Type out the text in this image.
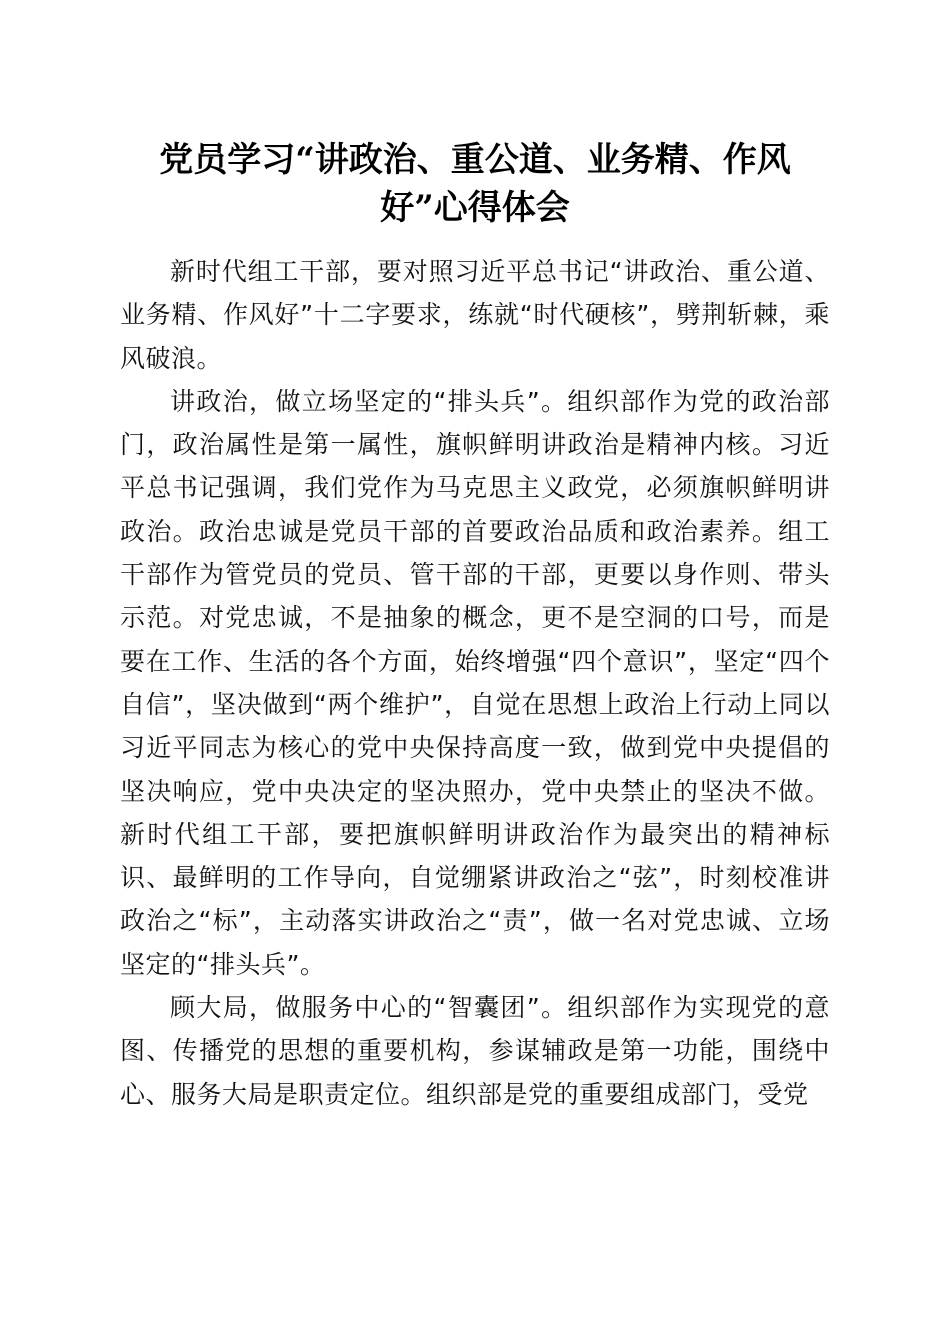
党员学习“讲政治、重公道、业务精、作风
好”心得体会

新时代组工干部，要对照习近平总书记“讲政治、重公道、业务精、作风好”十二字要求，练就“时代硬核”，劈荆斩棘，乘风破浪。

讲政治，做立场坚定的“排头兵”。组织部作为党的政治部门，政治属性是第一属性，旗帜鲜明讲政治是精神内核。习近平总书记强调，我们党作为马克思主义政党，必须旗帜鲜明讲政治。政治忠诚是党员干部的首要政治品质和政治素养。组工干部作为管党员的党员、管干部的干部，更要以身作则、带头示范。对党忠诚，不是抽象的概念，更不是空洞的口号，而是要在工作、生活的各个方面，始终增强“四个意识”，坚定“四个自信”，坚决做到“两个维护”，自觉在思想上政治上行动上同以习近平同志为核心的党中央保持高度一致，做到党中央提倡的坚决响应，党中央决定的坚决照办，党中央禁止的坚决不做。新时代组工干部，要把旗帜鲜明讲政治作为最突出的精神标识、最鲜明的工作导向，自觉绷紧讲政治之“弦”，时刻校准讲政治之“标”，主动落实讲政治之“责”，做一名对党忠诚、立场坚定的“排头兵”。

顾大局，做服务中心的“智囊团”。组织部作为实现党的意图、传播党的思想的重要机构，参谋辅政是第一功能，围绕中心、服务大局是职责定位。组织部是党的重要组成部门，受党
